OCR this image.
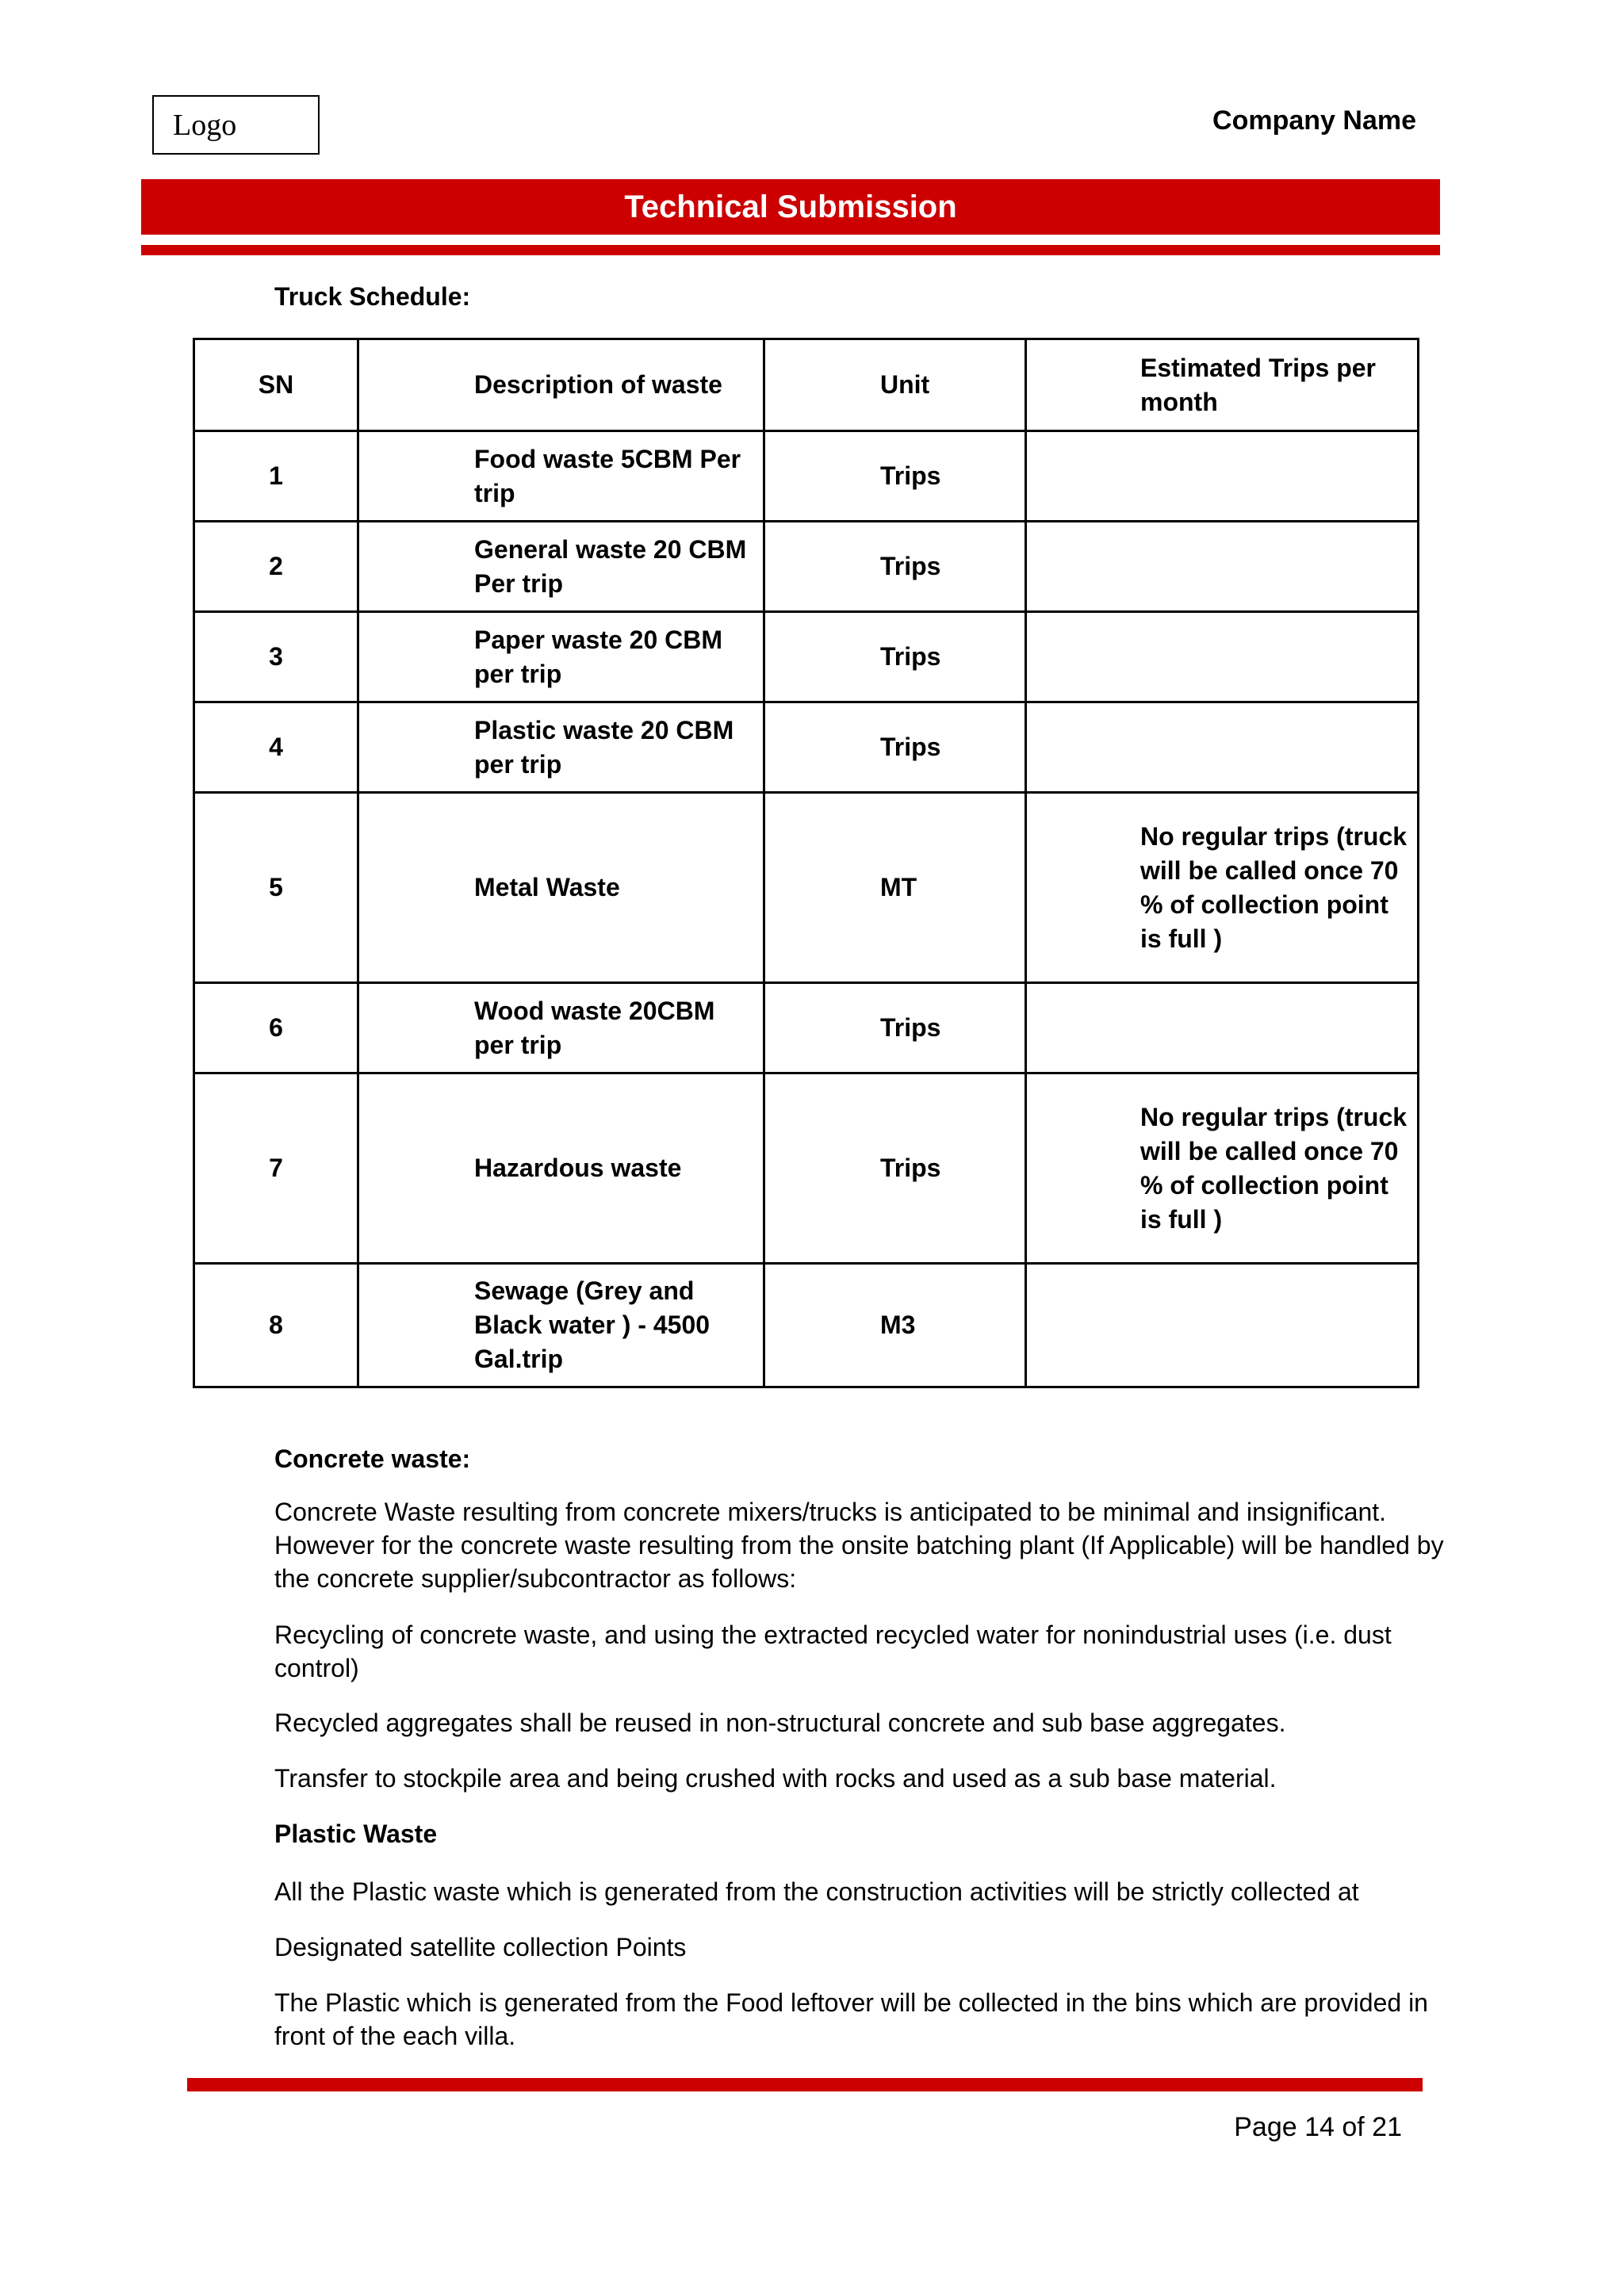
Logo	Company Name
Technical Submission
Truck Schedule:
SN	Description of waste	Unit	Estimated Trips per month
1	Food waste 5CBM Per trip	Trips	
2	General waste 20 CBM Per trip	Trips	
3	Paper waste 20 CBM per trip	Trips	
4	Plastic waste 20 CBM per trip	Trips	
5	Metal Waste	MT	No regular trips (truck will be called once 70 % of collection point is full )
6	Wood waste 20CBM per trip	Trips	
7	Hazardous waste	Trips	No regular trips (truck will be called once 70 % of collection point is full )
8	Sewage (Grey and Black water ) - 4500 Gal.trip	M3	
Concrete waste:
Concrete Waste resulting from concrete mixers/trucks is anticipated to be minimal and insignificant. However for the concrete waste resulting from the onsite batching plant (If Applicable) will be handled by the concrete supplier/subcontractor as follows:
Recycling of concrete waste, and using the extracted recycled water for nonindustrial uses (i.e. dust control)
Recycled aggregates shall be reused in non-structural concrete and sub base aggregates.
Transfer to stockpile area and being crushed with rocks and used as a sub base material.
Plastic Waste
All the Plastic waste which is generated from the construction activities will be strictly collected at
Designated satellite collection Points
The Plastic which is generated from the Food leftover will be collected in the bins which are provided in front of the each villa.
Page 14 of 21
